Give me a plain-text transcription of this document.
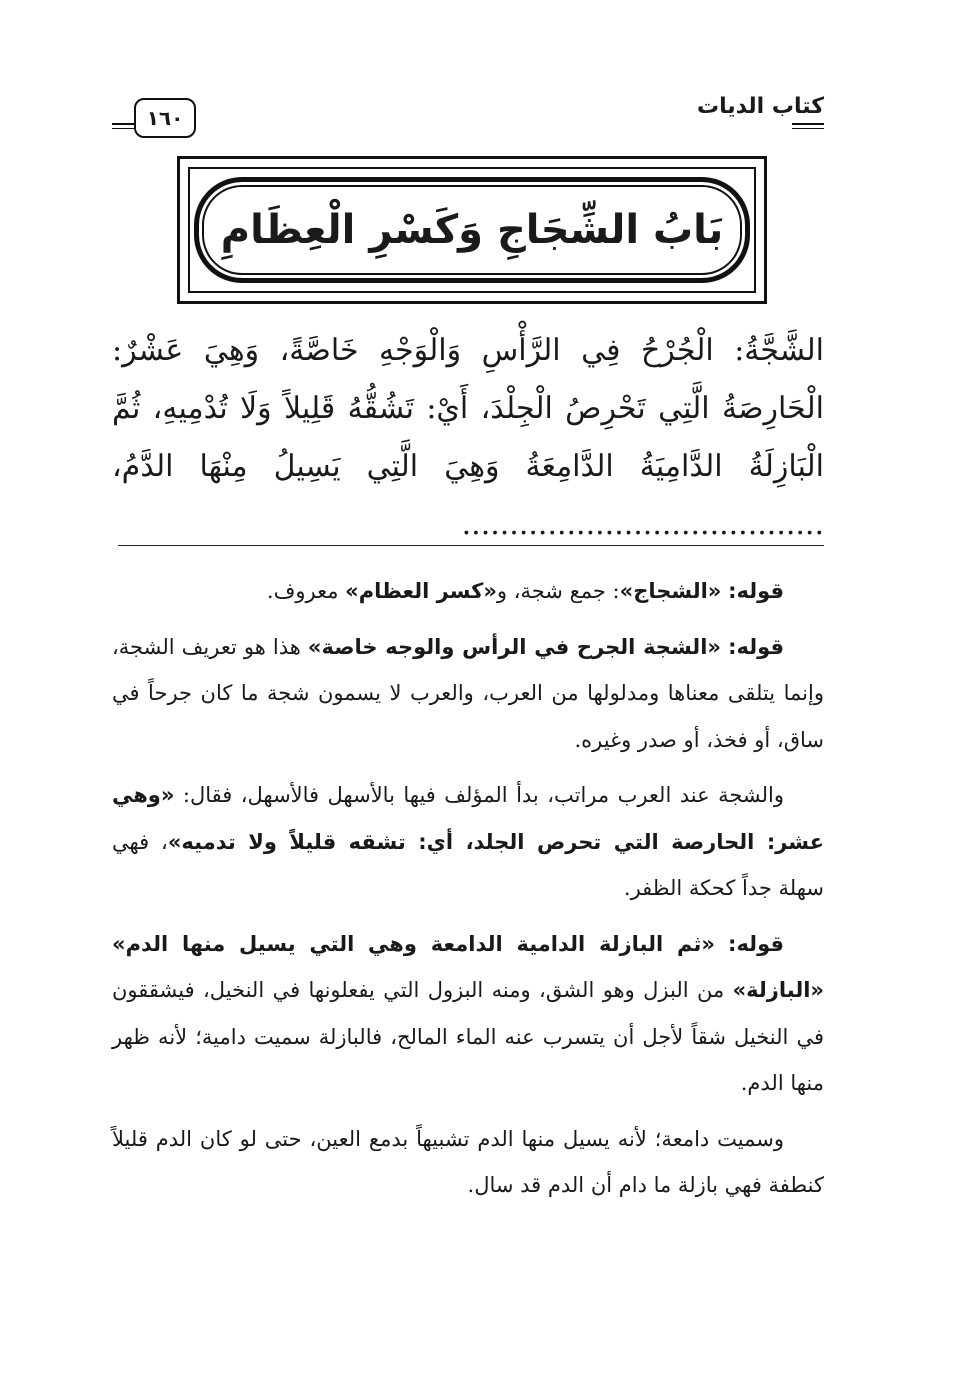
كتاب الديات
١٦٠
بَابُ الشِّجَاجِ وَكَسْرِ الْعِظَامِ
الشَّجَّةُ: الْجُرْحُ فِي الرَّأْسِ وَالْوَجْهِ خَاصَّةً، وَهِيَ عَشْرٌ: الْحَارِصَةُ الَّتِي تَحْرِصُ الْجِلْدَ، أَيْ: تَشُقُّهُ قَلِيلاً وَلَا تُدْمِيهِ، ثُمَّ الْبَازِلَةُ الدَّامِيَةُ الدَّامِعَةُ وَهِيَ الَّتِي يَسِيلُ مِنْهَا الدَّمُ، ......................................

قوله: «الشجاج»: جمع شجة، و«كسر العظام» معروف.

قوله: «الشجة الجرح في الرأس والوجه خاصة» هذا هو تعريف الشجة، وإنما يتلقى معناها ومدلولها من العرب، والعرب لا يسمون شجة ما كان جرحاً في ساق، أو فخذ، أو صدر وغيره.

والشجة عند العرب مراتب، بدأ المؤلف فيها بالأسهل فالأسهل، فقال: «وهي عشر: الحارصة التي تحرص الجلد، أي: تشقه قليلاً ولا تدميه»، فهي سهلة جداً كحكة الظفر.

قوله: «ثم البازلة الدامية الدامعة وهي التي يسيل منها الدم» «البازلة» من البزل وهو الشق، ومنه البزول التي يفعلونها في النخيل، فيشققون في النخيل شقاً لأجل أن يتسرب عنه الماء المالح، فالبازلة سميت دامية؛ لأنه ظهر منها الدم.

وسميت دامعة؛ لأنه يسيل منها الدم تشبيهاً بدمع العين، حتى لو كان الدم قليلاً كنطفة فهي بازلة ما دام أن الدم قد سال.
